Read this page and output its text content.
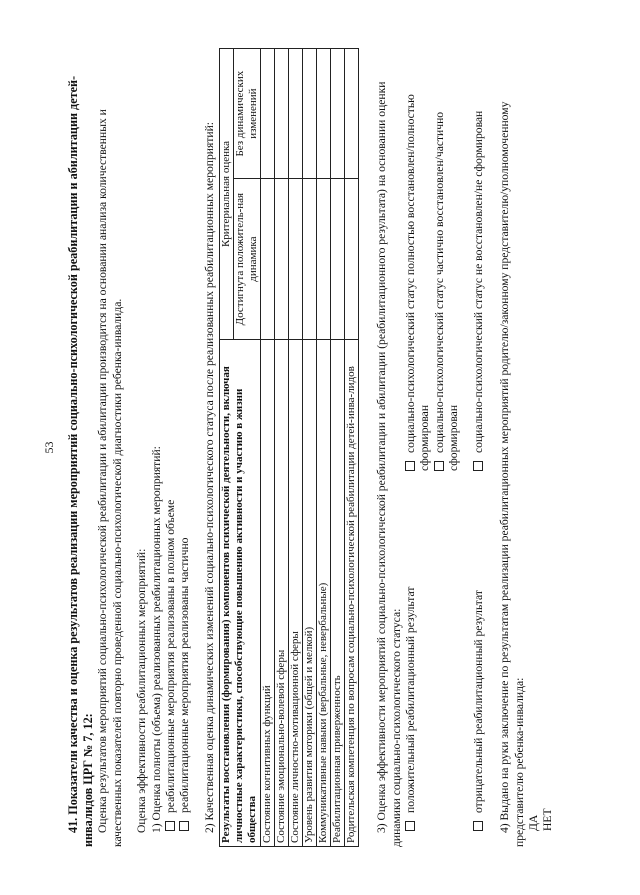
53 41. Показатели качества и оценка результатов реализации мероприятий социально-психологической реабилитации и абилитации детей-инвалидов ЦРГ № 7, 12: Оценка результатов мероприятий социально-психологической реабилитации и абилитации производится на основании анализа количественных и качественных показателей повторно проведенной социально-психологической диагностики ребенка-инвалида. Оценка эффективности реабилитационных мероприятий: 1) Оценка полноты (объема) реализованных реабилитационных мероприятий: реабилитационные мероприятия реализованы в полном объеме реабилитационные мероприятия реализованы частично 2) Качественная оценка динамических изменений социально-психологического статуса после реализованных реабилитационных мероприятий: Результаты восстановления (формирования) компонентов психической деятельности, включая личностные характеристики, способствующие повышению активности и участию в жизни общества	Критериальная оценка	
	Достигнута положитель-ная динамика	Без динамических изменений
Состояние когнитивных функций		
Состояние эмоционально-волевой сферы		
Состояние личностно-мотивационной сферы		
Уровень развития моторики (общей и мелкой)		
Коммуникативные навыки (вербальные, невербальные)		
Реабилитационная приверженность		
Родительская компетенция по вопросам социально-психологической реабилитации детей-инва-лидов		3) Оценка эффективности мероприятий социально-психологической реабилитации и абилитации (реабилитационного результата) на основании оценки динамики социально-психологического статуса: положительный реабилитационный результат

социально-психологический статус полностью восстановлен/полностью сформирован социально-психологический статус частично восстановлен/частично сформирован

отрицательный реабилитационный результат
социально-психологический статус не восстановлен/не сформирован 4) Выдано на руки заключение по результатам реализации реабилитационных мероприятий родителю/законному представителю/уполномоченному представителю ребенка-инвалида: ДА НЕТ
